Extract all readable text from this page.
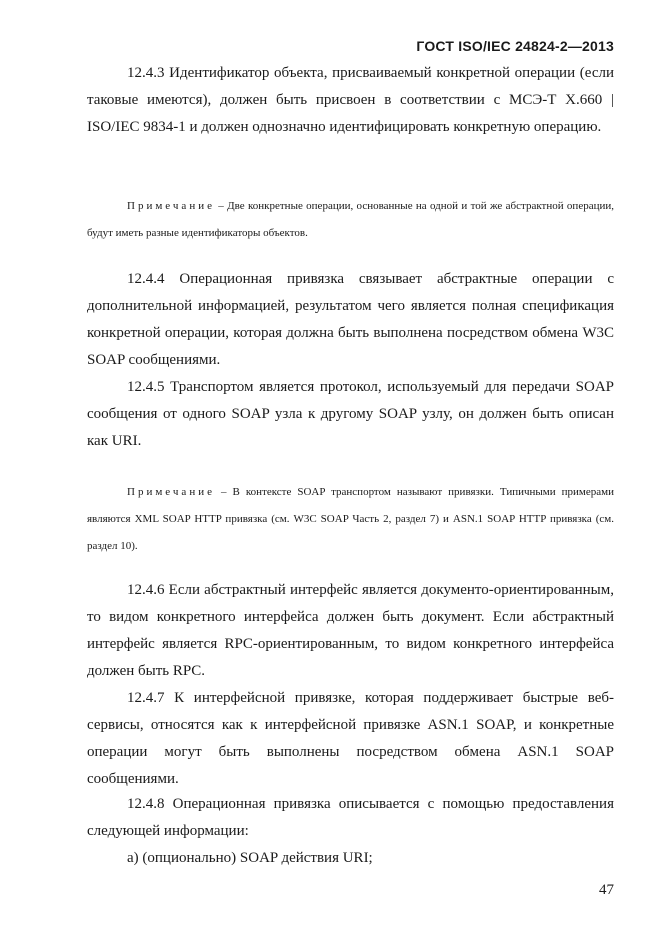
ГОСТ ISO/IEC 24824-2—2013

12.4.3 Идентификатор объекта, присваиваемый конкретной операции (если таковые имеются), должен быть присвоен в соответствии с МСЭ-Т X.660 | ISO/IEC 9834-1 и должен однозначно идентифицировать конкретную операцию.

Примечание – Две конкретные операции, основанные на одной и той же абстрактной операции, будут иметь разные идентификаторы объектов.

12.4.4 Операционная привязка связывает абстрактные операции с дополнительной информацией, результатом чего является полная спецификация конкретной операции, которая должна быть выполнена посредством обмена W3C SOAP сообщениями.

12.4.5 Транспортом является протокол, используемый для передачи SOAP сообщения от одного SOAP узла к другому SOAP узлу, он должен быть описан как URI.

Примечание – В контексте SOAP транспортом называют привязки. Типичными примерами являются XML SOAP HTTP привязка (см. W3C SOAP Часть 2, раздел 7) и ASN.1 SOAP HTTP привязка (см. раздел 10).

12.4.6 Если абстрактный интерфейс является документо-ориентированным, то видом конкретного интерфейса должен быть документ. Если абстрактный интерфейс является RPC-ориентированным, то видом конкретного интерфейса должен быть RPC.

12.4.7 К интерфейсной привязке, которая поддерживает быстрые веб-сервисы, относятся как к интерфейсной привязке ASN.1 SOAP, и конкретные операции могут быть выполнены посредством обмена ASN.1 SOAP сообщениями.

12.4.8 Операционная привязка описывается с помощью предоставления следующей информации:

а) (опционально) SOAP действия URI;

47
